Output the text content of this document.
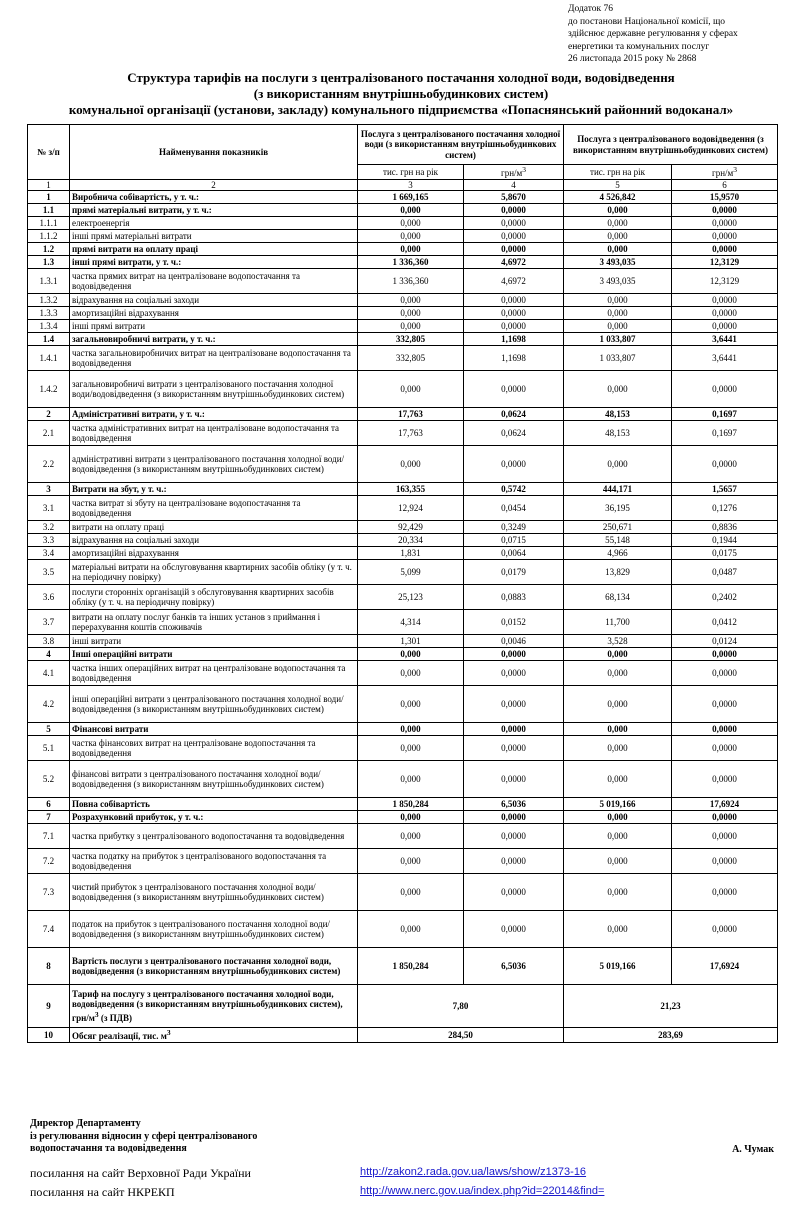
Додаток 76
до постанови Національної комісії, що
здійснює державне регулювання у сферах
енергетики та комунальних послуг
26 листопада 2015 року № 2868
Структура тарифів на послуги з централізованого постачання холодної води, водовідведення
(з використанням внутрішньобудинкових систем)
комунальної організації (установи, закладу) комунального підприємства «Попаснянський районний водоканал»
№ з/п	Найменування показників	Послуга з централізованого постачання холодної води (з використанням внутрішньобудинкових систем)		Послуга з централізованого водовідведення (з використанням внутрішньобудинкових систем)	
		тис. грн на рік	грн/$м^3$	тис. грн на рік	грн/$м^3$
1	2	3	4	5	6
1	Виробнича собівартість, у т. ч.:	1 669,165	5,8670	4 526,842	15,9570
1.1	прямі матеріальні витрати, у т. ч.:	0,000	0,0000	0,000	0,0000
1.1.1	електроенергія	0,000	0,0000	0,000	0,0000
1.1.2	інші прямі матеріальні витрати	0,000	0,0000	0,000	0,0000
1.2	прямі витрати на оплату праці	0,000	0,0000	0,000	0,0000
1.3	інші прямі витрати, у т. ч.:	1 336,360	4,6972	3 493,035	12,3129
1.3.1	частка прямих витрат на централізоване водопостачання та водовідведення	1 336,360	4,6972	3 493,035	12,3129
1.3.2	відрахування на соціальні заходи	0,000	0,0000	0,000	0,0000
1.3.3	амортизаційні відрахування	0,000	0,0000	0,000	0,0000
1.3.4	інші прямі витрати	0,000	0,0000	0,000	0,0000
1.4	загальновиробничі витрати, у т. ч.:	332,805	1,1698	1 033,807	3,6441
1.4.1	частка загальновиробничих витрат на централізоване водопостачання та водовідведення	332,805	1,1698	1 033,807	3,6441
1.4.2	загальновиробничі витрати з централізованого постачання холодної води/водовідведення (з використанням внутрішньобудинкових систем)	0,000	0,0000	0,000	0,0000
2	Адміністративні витрати, у т. ч.:	17,763	0,0624	48,153	0,1697
2.1	частка адміністративних витрат на централізоване водопостачання та водовідведення	17,763	0,0624	48,153	0,1697
2.2	адміністративні витрати з централізованого постачання холодної води/водовідведення (з використанням внутрішньобудинкових систем)	0,000	0,0000	0,000	0,0000
3	Витрати на збут, у т. ч.:	163,355	0,5742	444,171	1,5657
3.1	частка витрат зі збуту на централізоване водопостачання та водовідведення	12,924	0,0454	36,195	0,1276
3.2	витрати на оплату праці	92,429	0,3249	250,671	0,8836
3.3	відрахування на соціальні заходи	20,334	0,0715	55,148	0,1944
3.4	амортизаційні відрахування	1,831	0,0064	4,966	0,0175
3.5	матеріальні витрати на обслуговування квартирних засобів обліку (у т. ч. на періодичну повірку)	5,099	0,0179	13,829	0,0487
3.6	послуги сторонніх організацій з обслуговування квартирних засобів обліку (у т. ч. на періодичну повірку)	25,123	0,0883	68,134	0,2402
3.7	витрати на оплату послуг банків та інших установ з приймання і перерахування коштів споживачів	4,314	0,0152	11,700	0,0412
3.8	інші витрати	1,301	0,0046	3,528	0,0124
4	Інші операційні витрати	0,000	0,0000	0,000	0,0000
4.1	частка інших операційних витрат на централізоване водопостачання та водовідведення	0,000	0,0000	0,000	0,0000
4.2	інші операційні витрати з централізованого постачання холодної води/водовідведення (з використанням внутрішньобудинкових систем)	0,000	0,0000	0,000	0,0000
5	Фінансові витрати	0,000	0,0000	0,000	0,0000
5.1	частка фінансових витрат на централізоване водопостачання та водовідведення	0,000	0,0000	0,000	0,0000
5.2	фінансові витрати з централізованого постачання холодної води/водовідведення (з використанням внутрішньобудинкових систем)	0,000	0,0000	0,000	0,0000
6	Повна собівартість	1 850,284	6,5036	5 019,166	17,6924
7	Розрахунковий прибуток, у т. ч.:	0,000	0,0000	0,000	0,0000
7.1	частка прибутку з централізованого водопостачання та водовідведення	0,000	0,0000	0,000	0,0000
7.2	частка податку на прибуток з централізованого водопостачання та водовідведення	0,000	0,0000	0,000	0,0000
7.3	чистий прибуток з централізованого постачання холодної води/водовідведення (з використанням внутрішньобудинкових систем)	0,000	0,0000	0,000	0,0000
7.4	податок на прибуток з централізованого постачання холодної води/водовідведення (з використанням внутрішньобудинкових систем)	0,000	0,0000	0,000	0,0000
8	Вартість послуги з централізованого постачання холодної води, водовідведення (з використанням внутрішньобудинкових систем)	1 850,284	6,5036	5 019,166	17,6924
9	Тариф на послугу з централізованого постачання холодної води, водовідведення (з використанням внутрішньобудинкових систем), грн/$м^3$ (з ПДВ)	7,80		21,23	
10	Обсяг реалізації, тис. $м^3$	284,50		283,69	
Директор Департаменту
із регулювання відносин у сфері централізованого
водопостачання та водовідведення	А. Чумак
посилання на сайт Верховної Ради України	http://zakon2.rada.gov.ua/laws/show/z1373-16
посилання на сайт НКРЕКП	http://www.nerc.gov.ua/index.php?id=22014&find=
